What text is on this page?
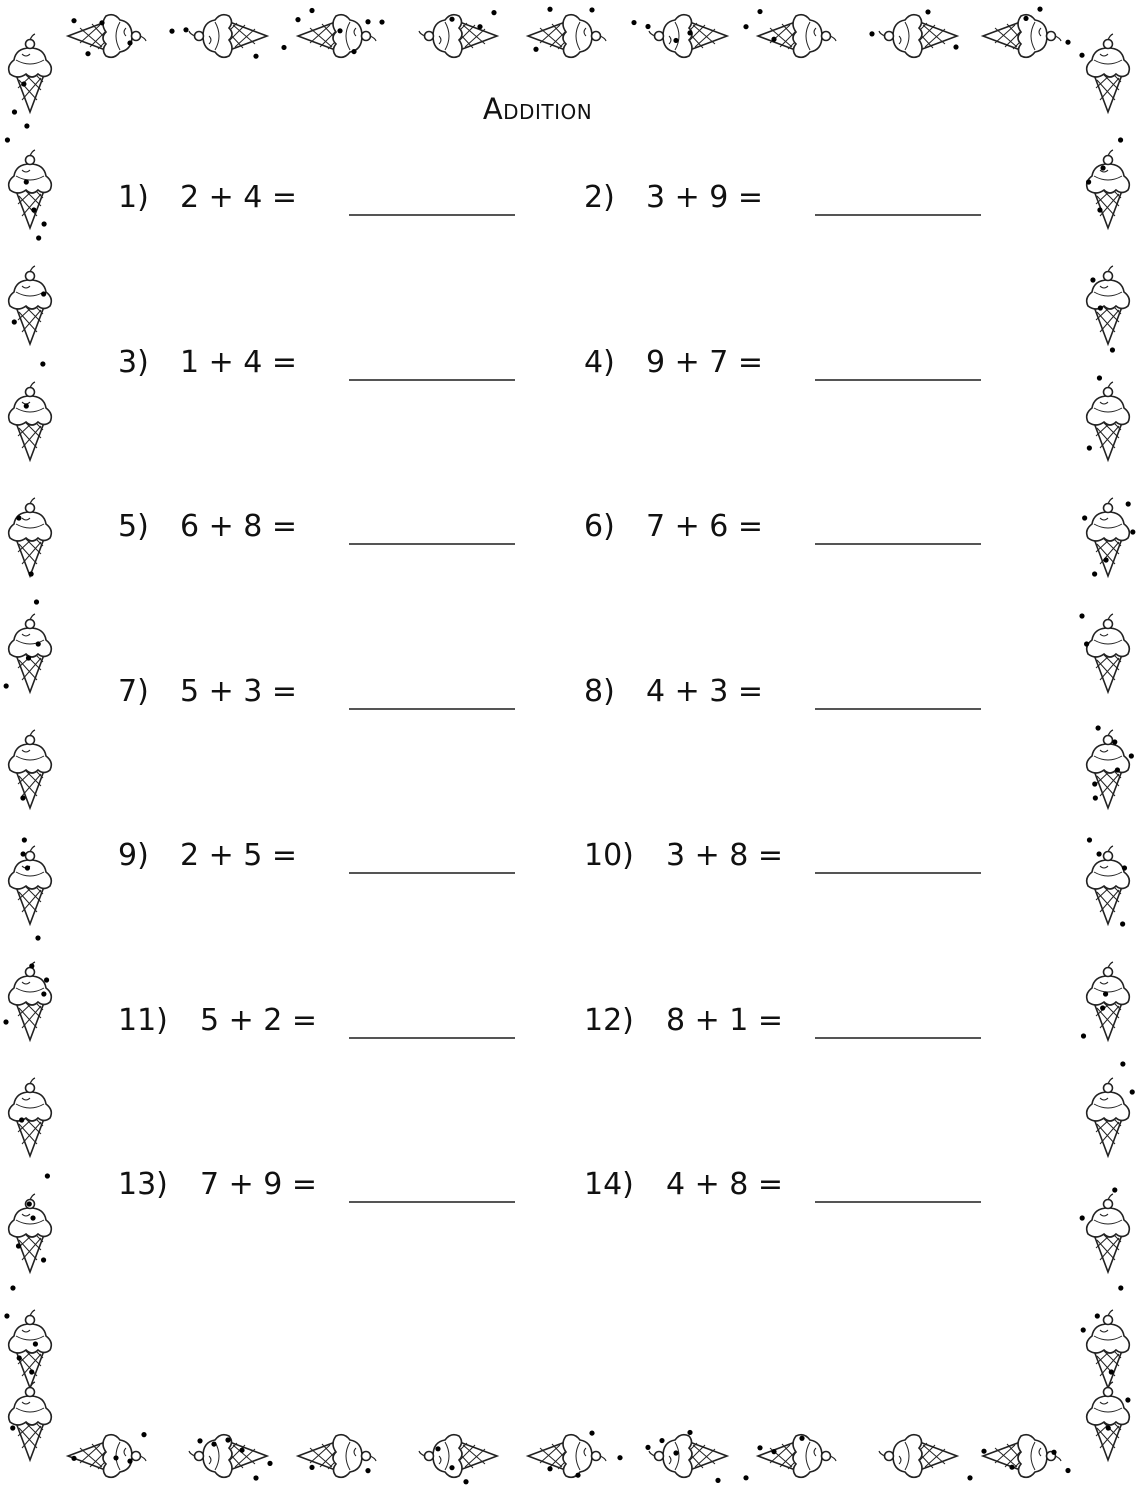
Addition
1) 2 + 4 =	2) 3 + 9 =
3) 1 + 4 =	4) 9 + 7 =
5) 6 + 8 =	6) 7 + 6 =
7) 5 + 3 =	8) 4 + 3 =
9) 2 + 5 =	10) 3 + 8 =
11) 5 + 2 =	12) 8 + 1 =
13) 7 + 9 =	14) 4 + 8 =
